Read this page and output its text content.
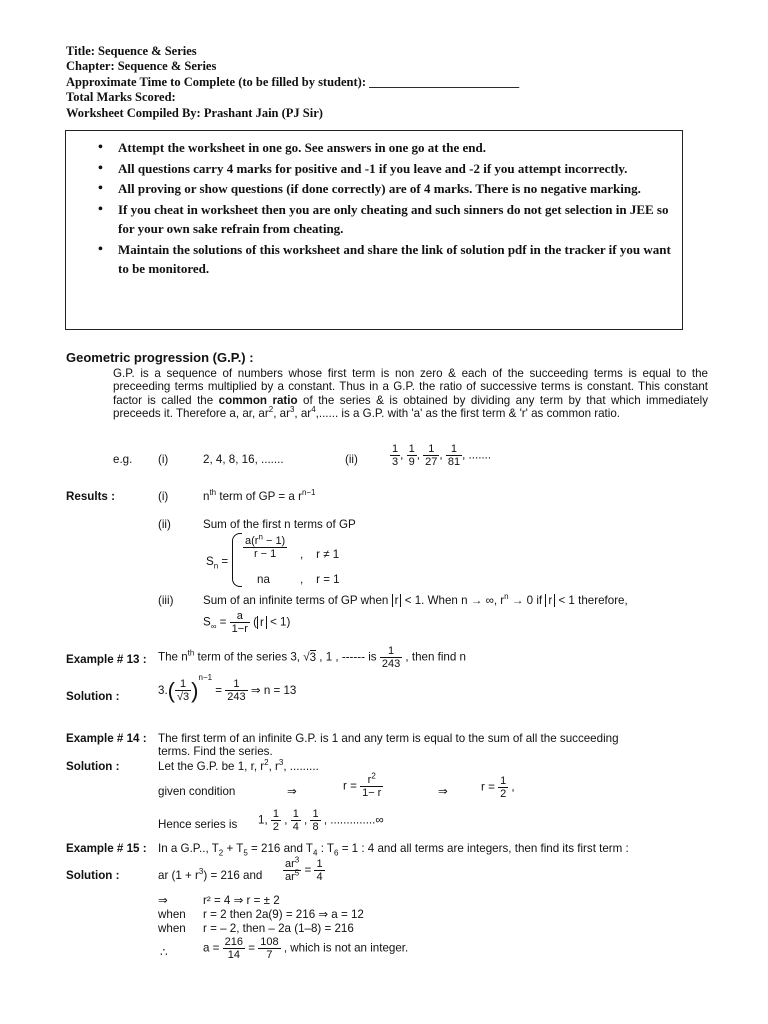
Title: Sequence & Series
Chapter: Sequence & Series
Approximate Time to Complete (to be filled by student): ________________________
Total Marks Scored:
Worksheet Compiled By: Prashant Jain (PJ Sir)
• Attempt the worksheet in one go. See answers in one go at the end.
• All questions carry 4 marks for positive and -1 if you leave and -2 if you attempt incorrectly.
• All proving or show questions (if done correctly) are of 4 marks. There is no negative marking.
• If you cheat in worksheet then you are only cheating and such sinners do not get selection in JEE so for your own sake refrain from cheating.
• Maintain the solutions of this worksheet and share the link of solution pdf in the tracker if you want to be monitored.
Geometric progression (G.P.) :
G.P. is a sequence of numbers whose first term is non zero & each of the succeeding terms is equal to the preceeding terms multiplied by a constant. Thus in a G.P. the ratio of successive terms is constant. This constant factor is called the common ratio of the series & is obtained by dividing any term by that which immediately preceeds it. Therefore a, ar, $ar^2$, $ar^3$, $ar^4$,...... is a G.P. with 'a' as the first term & 'r' as common ratio.
e.g. (i)	2, 4, 8, 16, .......	(ii)	$\frac{1}{3}$ , $\frac{1}{9}$ , $\frac{1}{27}$ , $\frac{1}{81}$ , .......
Results :	(i)	$n^{th}$ term of GP = a $r^{n-1}$
(ii)	Sum of the first n terms of GP
$S_n$ =
$\frac{a(r^n - 1)}{r - 1}$ ,    r ≠ 1
na	,    r = 1
(iii)	Sum of an infinite terms of GP when r < 1. When n → ∞, $r^n \to 0$ if r < 1 therefore,
$S_\infty = \frac{a}{1-r}$ ( r < 1)
Example # 13 : The $n^{th}$ term of the series 3, √3 , 1 , ------ is $\frac{1}{243}$ , then find n
Solution :	$3.( \frac{1}{√3} )^{n-1} = \frac{1}{243}$ ⇒ n = 13
Example # 14 : The first term of an infinite G.P. is 1 and any term is equal to the sum of all the succeeding
terms. Find the series.
Solution :	Let the G.P. be 1, r, $r^2$, $r^3$, .........
given condition	⇒	$r = \frac{r^2}{1- r}$	⇒	$r = \frac{1}{2}$ ,
Hence series is 1, $\frac{1}{2}$ , $\frac{1}{4}$ , $\frac{1}{8}$ , ..............∞
Example # 15 : In a G.P.., $T_2 + T_5 = 216$ and $T_4$ : $T_6 = 1$ : 4 and all terms are integers, then find its first term :
Solution :	ar $(1 + r^3) = 216$ and $\frac{ar^3}{ar^5} = \frac{1}{4}$
⇒	r² = 4 ⇒ r = ± 2
when r = 2 then 2a(9) = 216 ⇒ a = 12
when r = – 2, then – 2a (1–8) = 216
∴	$a = \frac{216}{14} = \frac{108}{7}$ , which is not an integer.
